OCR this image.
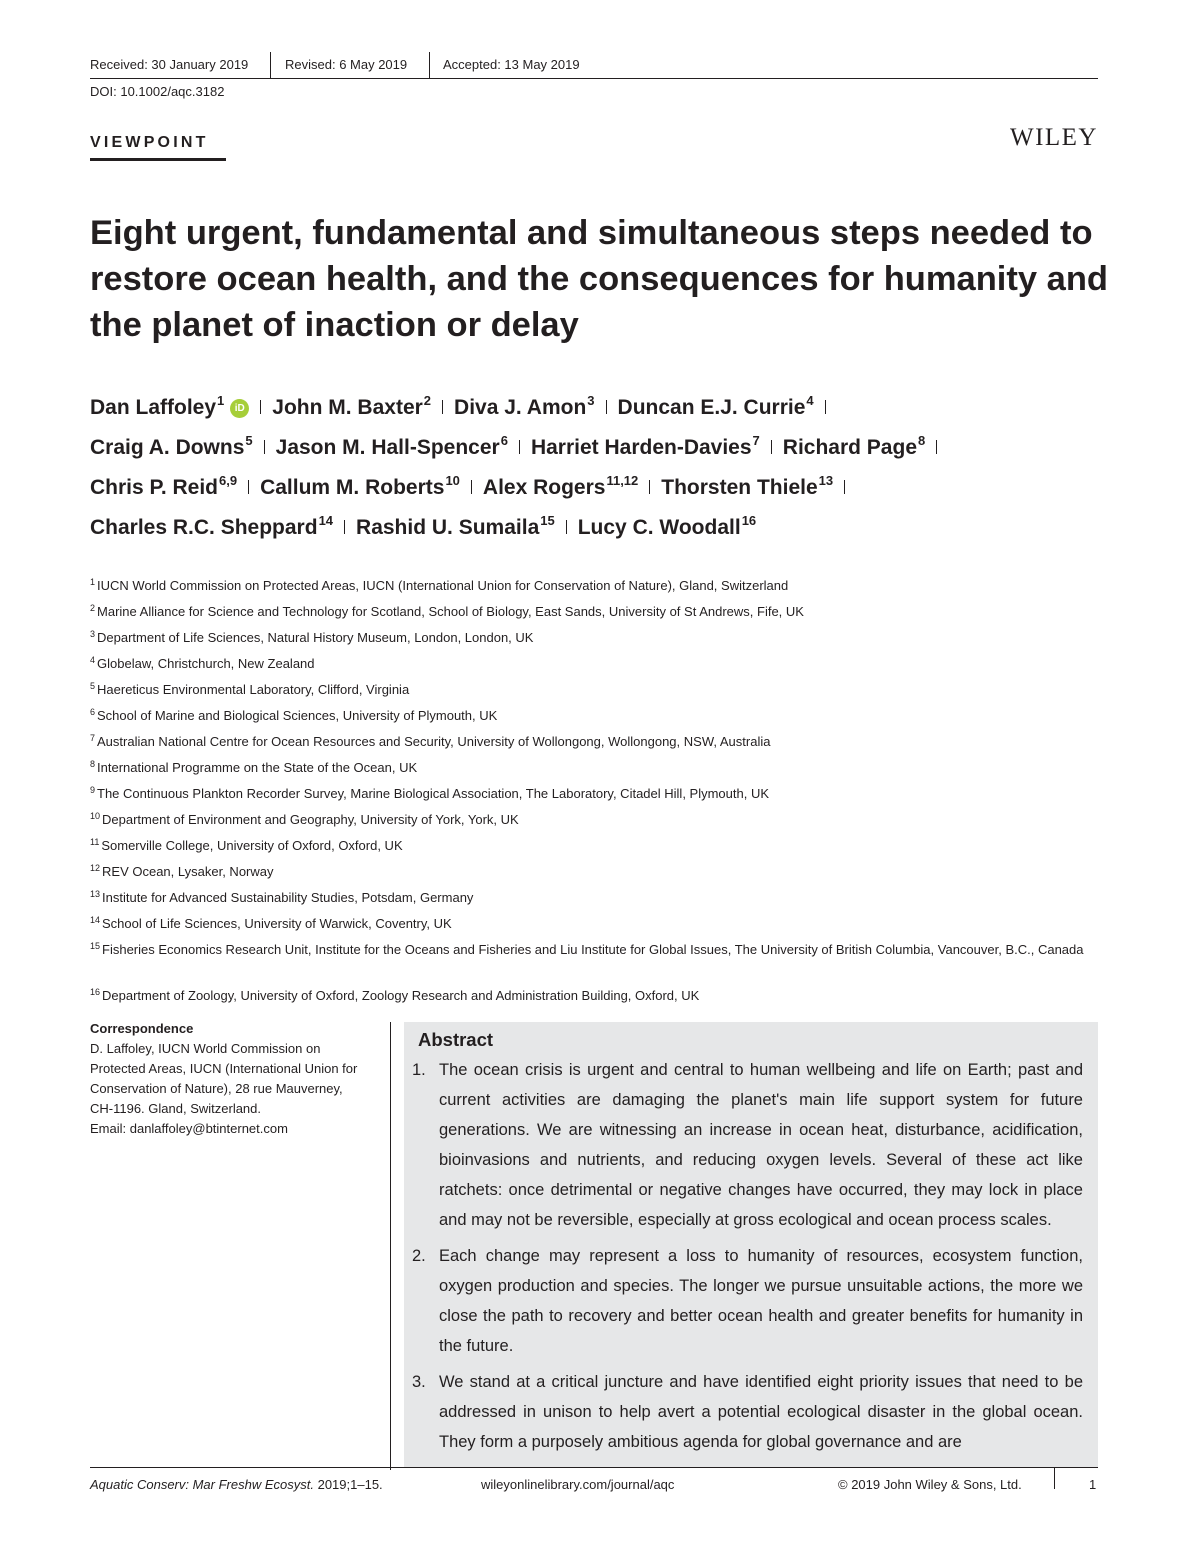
Received: 30 January 2019	Revised: 6 May 2019	Accepted: 13 May 2019
DOI: 10.1002/aqc.3182
VIEWPOINT	WILEY
Eight urgent, fundamental and simultaneous steps needed to
restore ocean health, and the consequences for humanity and
the planet of inaction or delay
Dan Laffoley$^1$iD John M. Baxter$^2$ Diva J. Amon$^3$ Duncan E.J. Currie$^4$
Craig A. Downs$^5$ Jason M. Hall-Spencer$^6$ Harriet Harden-Davies$^7$ Richard Page$^8$
Chris P. Reid$^{6,9}$ Callum M. Roberts$^{10}$ Alex Rogers$^{11,12}$ Thorsten Thiele$^{13}$
Charles R.C. Sheppard$^{14}$ Rashid U. Sumaila$^{15}$ Lucy C. Woodall$^{16}$
$^1$ IUCN World Commission on Protected Areas, IUCN (International Union for Conservation of Nature), Gland, Switzerland
$^2$ Marine Alliance for Science and Technology for Scotland, School of Biology, East Sands, University of St Andrews, Fife, UK
$^3$ Department of Life Sciences, Natural History Museum, London, London, UK
$^4$ Globelaw, Christchurch, New Zealand
$^5$ Haereticus Environmental Laboratory, Clifford, Virginia
$^6$ School of Marine and Biological Sciences, University of Plymouth, UK
$^7$ Australian National Centre for Ocean Resources and Security, University of Wollongong, Wollongong, NSW, Australia
$^8$ International Programme on the State of the Ocean, UK
$^9$ The Continuous Plankton Recorder Survey, Marine Biological Association, The Laboratory, Citadel Hill, Plymouth, UK
$^{10}$ Department of Environment and Geography, University of York, York, UK
$^{11}$ Somerville College, University of Oxford, Oxford, UK
$^{12}$ REV Ocean, Lysaker, Norway
$^{13}$ Institute for Advanced Sustainability Studies, Potsdam, Germany
$^{14}$ School of Life Sciences, University of Warwick, Coventry, UK
$^{15}$ Fisheries Economics Research Unit, Institute for the Oceans and Fisheries and Liu Institute for Global Issues, The University of British Columbia, Vancouver, B.C., Canada
$^{16}$ Department of Zoology, University of Oxford, Zoology Research and Administration Building, Oxford, UK
Correspondence
D. Laffoley, IUCN World Commission on
Protected Areas, IUCN (International Union for
Conservation of Nature), 28 rue Mauverney,
CH-1196. Gland, Switzerland.
Email: danlaffoley@btinternet.com
Abstract
1. The ocean crisis is urgent and central to human wellbeing and life on Earth; past and current activities are damaging the planet's main life support system for future generations. We are witnessing an increase in ocean heat, disturbance, acidification, bioinvasions and nutrients, and reducing oxygen levels. Several of these act like ratchets: once detrimental or negative changes have occurred, they may lock in place and may not be reversible, especially at gross ecological and ocean process scales.
2. Each change may represent a loss to humanity of resources, ecosystem function, oxygen production and species. The longer we pursue unsuitable actions, the more we close the path to recovery and better ocean health and greater benefits for humanity in the future.
3. We stand at a critical juncture and have identified eight priority issues that need to be addressed in unison to help avert a potential ecological disaster in the global ocean. They form a purposely ambitious agenda for global governance and are
Aquatic Conserv: Mar Freshw Ecosyst. 2019;1–15.	wileyonlinelibrary.com/journal/aqc	© 2019 John Wiley & Sons, Ltd.	1
